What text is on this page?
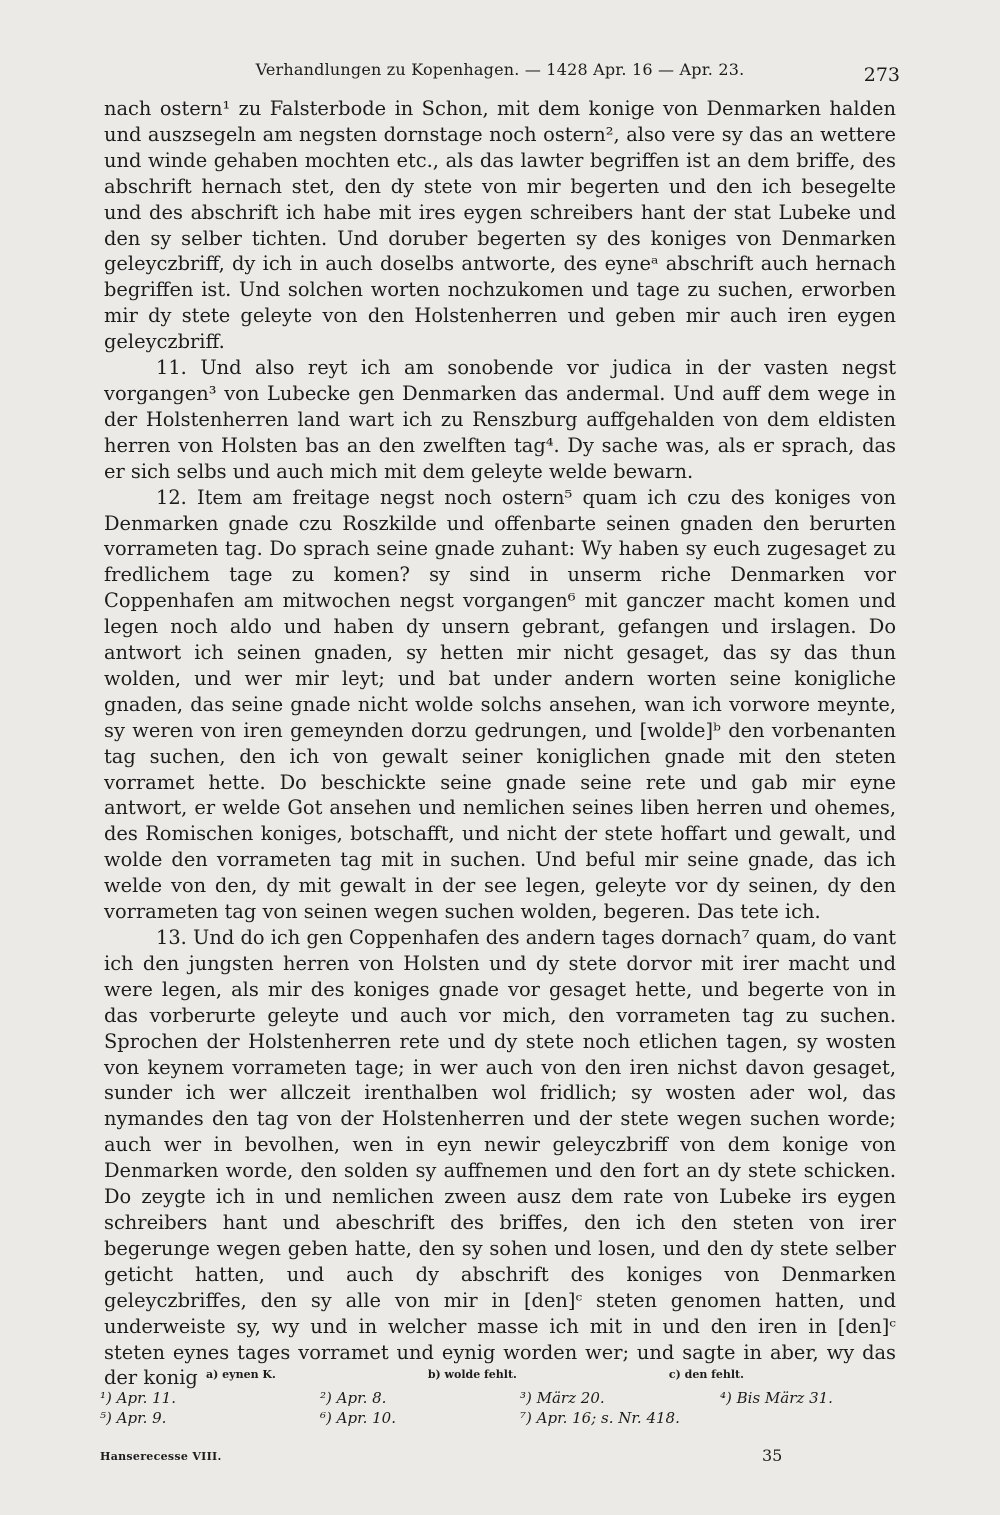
Verhandlungen zu Kopenhagen. — 1428 Apr. 16 — Apr. 23.	273

nach ostern¹ zu Falsterbode in Schon, mit dem konige von Denmarken halden und auszsegeln am negsten dornstage noch ostern², also vere sy das an wettere und winde gehaben mochten etc., als das lawter begriffen ist an dem briffe, des abschrift hernach stet, den dy stete von mir begerten und den ich besegelte und des abschrift ich habe mit ires eygen schreibers hant der stat Lubeke und den sy selber tichten. Und doruber begerten sy des koniges von Denmarken geleyczbriff, dy ich in auch doselbs antworte, des eyneᵃ abschrift auch hernach begriffen ist. Und solchen worten nochzukomen und tage zu suchen, erworben mir dy stete geleyte von den Holstenherren und geben mir auch iren eygen geleyczbriff.

11. Und also reyt ich am sonobende vor judica in der vasten negst vorgangen³ von Lubecke gen Denmarken das andermal. Und auff dem wege in der Holstenherren land wart ich zu Renszburg auffgehalden von dem eldisten herren von Holsten bas an den zwelften tag⁴. Dy sache was, als er sprach, das er sich selbs und auch mich mit dem geleyte welde bewarn.

12. Item am freitage negst noch ostern⁵ quam ich czu des koniges von Denmarken gnade czu Roszkilde und offenbarte seinen gnaden den berurten vorrameten tag. Do sprach seine gnade zuhant: Wy haben sy euch zugesaget zu fredlichem tage zu komen? sy sind in unserm riche Denmarken vor Coppenhafen am mitwochen negst vorgangen⁶ mit ganczer macht komen und legen noch aldo und haben dy unsern gebrant, gefangen und irslagen. Do antwort ich seinen gnaden, sy hetten mir nicht gesaget, das sy das thun wolden, und wer mir leyt; und bat under andern worten seine konigliche gnaden, das seine gnade nicht wolde solchs ansehen, wan ich vorwore meynte, sy weren von iren gemeynden dorzu gedrungen, und [wolde]ᵇ den vorbenanten tag suchen, den ich von gewalt seiner koniglichen gnade mit den steten vorramet hette. Do beschickte seine gnade seine rete und gab mir eyne antwort, er welde Got ansehen und nemlichen seines liben herren und ohemes, des Romischen koniges, botschafft, und nicht der stete hoffart und gewalt, und wolde den vorrameten tag mit in suchen. Und beful mir seine gnade, das ich welde von den, dy mit gewalt in der see legen, geleyte vor dy seinen, dy den vorrameten tag von seinen wegen suchen wolden, begeren. Das tete ich.

13. Und do ich gen Coppenhafen des andern tages dornach⁷ quam, do vant ich den jungsten herren von Holsten und dy stete dorvor mit irer macht und were legen, als mir des koniges gnade vor gesaget hette, und begerte von in das vorberurte geleyte und auch vor mich, den vorrameten tag zu suchen. Sprochen der Holstenherren rete und dy stete noch etlichen tagen, sy wosten von keynem vorrameten tage; in wer auch von den iren nichst davon gesaget, sunder ich wer allczeit irenthalben wol fridlich; sy wosten ader wol, das nymandes den tag von der Holstenherren und der stete wegen suchen worde; auch wer in bevolhen, wen in eyn newir geleyczbriff von dem konige von Denmarken worde, den solden sy auffnemen und den fort an dy stete schicken. Do zeygte ich in und nemlichen zween ausz dem rate von Lubeke irs eygen schreibers hant und abeschrift des briffes, den ich den steten von irer begerunge wegen geben hatte, den sy sohen und losen, und den dy stete selber geticht hatten, und auch dy abschrift des koniges von Denmarken geleyczbriffes, den sy alle von mir in [den]ᶜ steten genomen hatten, und underweiste sy, wy und in welcher masse ich mit in und den iren in [den]ᶜ steten eynes tages vorramet und eynig worden wer; und sagte in aber, wy das der konig a) eynen K.	b) wolde fehlt.	c) den fehlt.
¹) Apr. 11.	²) Apr. 8.	³) März 20.	⁴) Bis März 31.
⁵) Apr. 9.	⁶) Apr. 10.	⁷) Apr. 16; s. Nr. 418.
Hanserecesse VIII.	35
